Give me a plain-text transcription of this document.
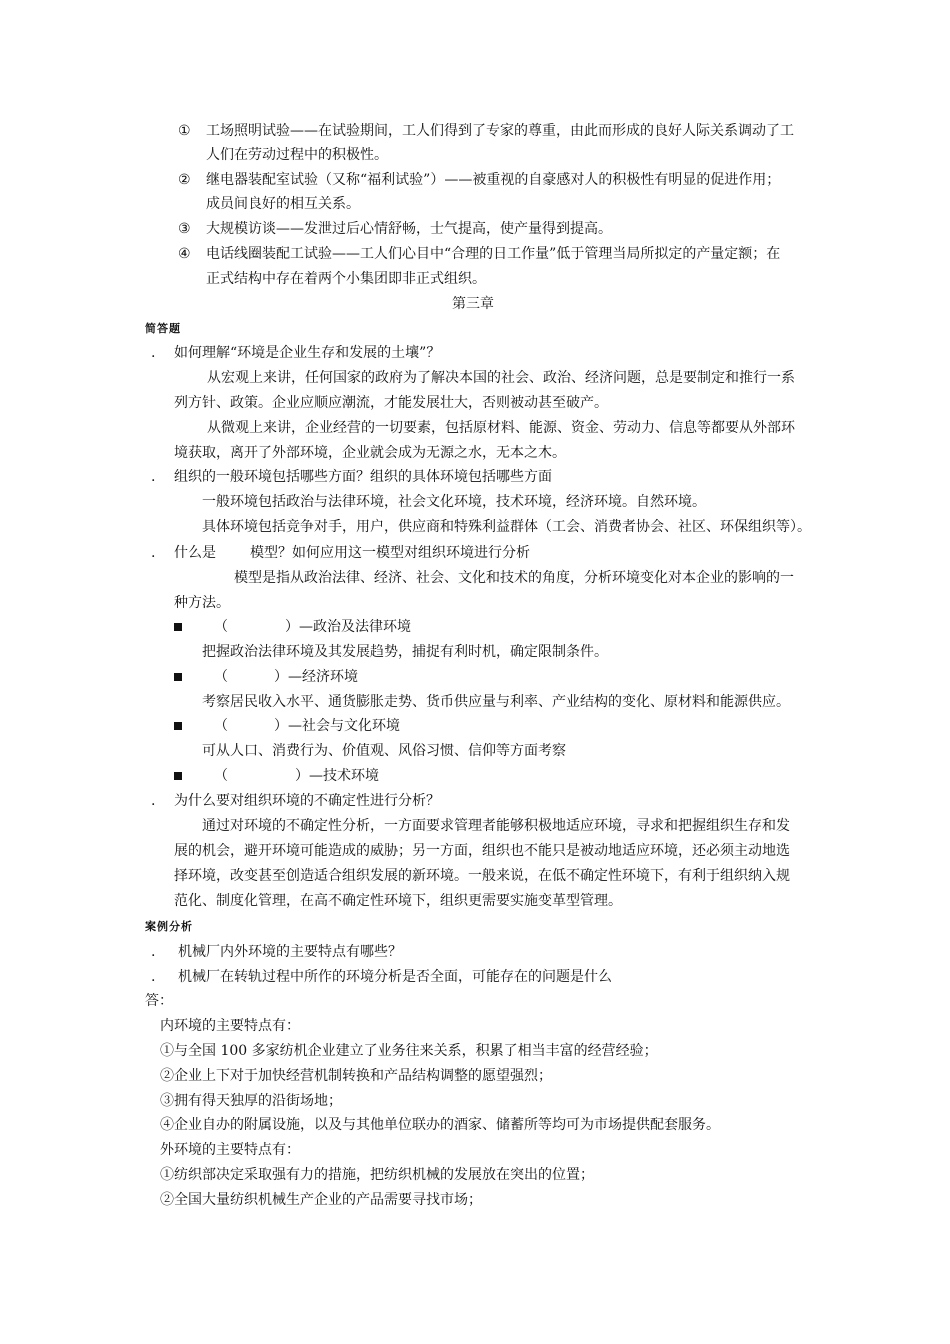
① 工场照明试验——在试验期间，工人们得到了专家的尊重，由此而形成的良好人际关系调动了工
人们在劳动过程中的积极性。
② 继电器装配室试验（又称“福利试验”）——被重视的自豪感对人的积极性有明显的促进作用；
成员间良好的相互关系。
③ 大规模访谈——发泄过后心情舒畅，士气提高，使产量得到提高。
④ 电话线圈装配工试验——工人们心目中“合理的日工作量”低于管理当局所拟定的产量定额；在
正式结构中存在着两个小集团即非正式组织。
第三章
简答题
. 如何理解“环境是企业生存和发展的土壤”？
从宏观上来讲，任何国家的政府为了解决本国的社会、政治、经济问题，总是要制定和推行一系
列方针、政策。企业应顺应潮流，才能发展壮大，否则被动甚至破产。
从微观上来讲，企业经营的一切要素，包括原材料、能源、资金、劳动力、信息等都要从外部环
境获取，离开了外部环境，企业就会成为无源之水，无本之木。
. 组织的一般环境包括哪些方面？组织的具体环境包括哪些方面
一般环境包括政治与法律环境，社会文化环境，技术环境，经济环境。自然环境。
具体环境包括竞争对手，用户，供应商和特殊利益群体（工会、消费者协会、社区、环保组织等）。
. 什么是 模型？如何应用这一模型对组织环境进行分析
模型是指从政治法律、经济、社会、文化和技术的角度，分析环境变化对本企业的影响的一
种方法。
（	）—政治及法律环境
把握政治法律环境及其发展趋势，捕捉有利时机，确定限制条件。
（	）—经济环境
考察居民收入水平、通货膨胀走势、货币供应量与利率、产业结构的变化、原材料和能源供应。
（	）—社会与文化环境
可从人口、消费行为、价值观、风俗习惯、信仰等方面考察
（	）—技术环境
. 为什么要对组织环境的不确定性进行分析？
通过对环境的不确定性分析，一方面要求管理者能够积极地适应环境，寻求和把握组织生存和发
展的机会，避开环境可能造成的威胁；另一方面，组织也不能只是被动地适应环境，还必须主动地选
择环境，改变甚至创造适合组织发展的新环境。一般来说，在低不确定性环境下，有利于组织纳入规
范化、制度化管理，在高不确定性环境下，组织更需要实施变革型管理。
案例分析
. 机械厂内外环境的主要特点有哪些？
. 机械厂在转轨过程中所作的环境分析是否全面，可能存在的问题是什么
答：
内环境的主要特点有：
①与全国 100 多家纺机企业建立了业务往来关系，积累了相当丰富的经营经验；
②企业上下对于加快经营机制转换和产品结构调整的愿望强烈；
③拥有得天独厚的沿街场地；
④企业自办的附属设施，以及与其他单位联办的酒家、储蓄所等均可为市场提供配套服务。
外环境的主要特点有：
①纺织部决定采取强有力的措施，把纺织机械的发展放在突出的位置；
②全国大量纺织机械生产企业的产品需要寻找市场；
